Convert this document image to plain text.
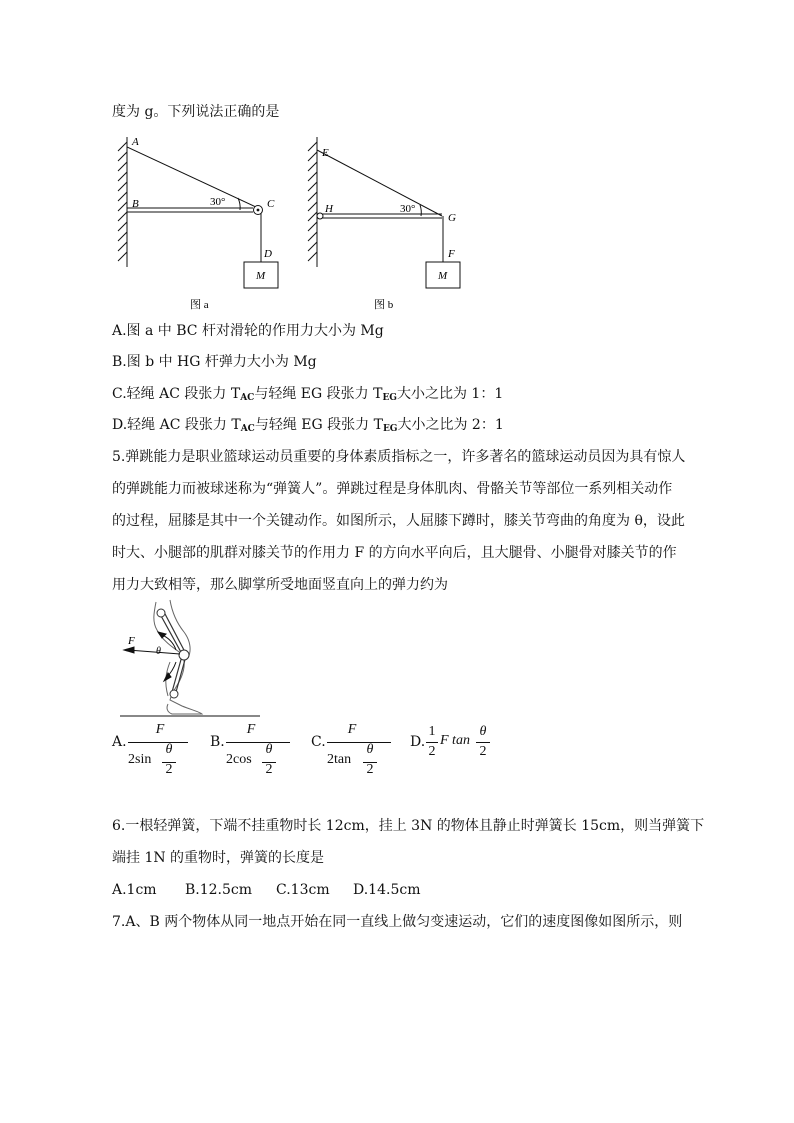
度为 g。下列说法正确的是
A
B	C
D
M
30°
图 a
E
H
G
F
M
30°
图 b
A.图 a 中 BC 杆对滑轮的作用力大小为 Mg
B.图 b 中 HG 杆弹力大小为 Mg
C.轻绳 AC 段张力 $T_{AC}$与轻绳 EG 段张力 $T_{EG}$大小之比为 1：1
D.轻绳 AC 段张力 $T_{AC}$与轻绳 EG 段张力 $T_{EG}$大小之比为 2：1
5.弹跳能力是职业篮球运动员重要的身体素质指标之一，许多著名的篮球运动员因为具有惊人
的弹跳能力而被球迷称为“弹簧人”。弹跳过程是身体肌肉、骨骼关节等部位一系列相关动作
的过程，屈膝是其中一个关键动作。如图所示，人屈膝下蹲时，膝关节弯曲的角度为 θ，设此
时大、小腿部的肌群对膝关节的作用力 F 的方向水平向后，且大腿骨、小腿骨对膝关节的作
用力大致相等，那么脚掌所受地面竖直向上的弹力约为
F
θ
A.
F
2sin
θ
2
B.
F
2cos
θ
2
C.
F
2tan
θ
2
D.
1
2
F tan
θ
2
6.一根轻弹簧，下端不挂重物时长 12cm，挂上 3N 的物体且静止时弹簧长 15cm，则当弹簧下
端挂 1N 的重物时，弹簧的长度是
A.1cm B.12.5cm C.13cm D.14.5cm
7.A、B 两个物体从同一地点开始在同一直线上做匀变速运动，它们的速度图像如图所示，则
